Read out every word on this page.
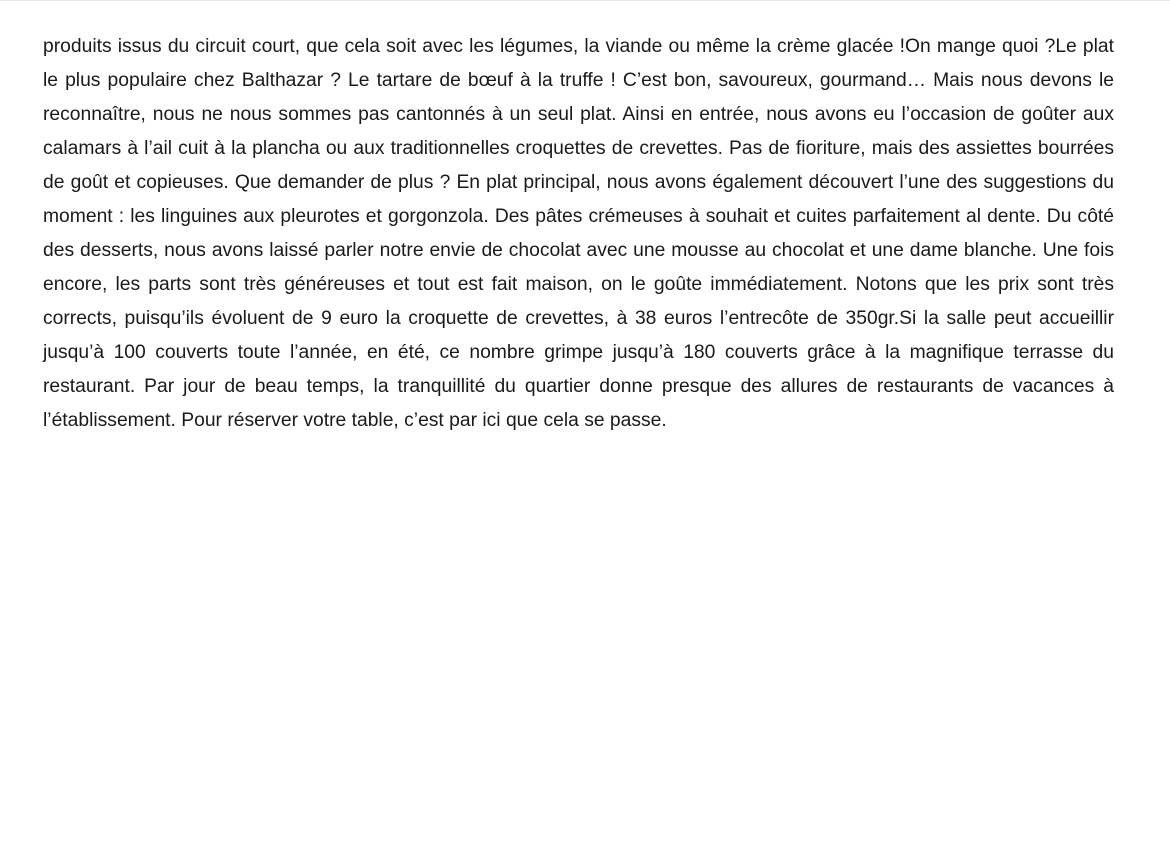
produits issus du circuit court, que cela soit avec les légumes, la viande ou même la crème glacée !On mange quoi ?Le plat le plus populaire chez Balthazar ? Le tartare de bœuf à la truffe ! C’est bon, savoureux, gourmand… Mais nous devons le reconnaître, nous ne nous sommes pas cantonnés à un seul plat. Ainsi en entrée, nous avons eu l’occasion de goûter aux calamars à l’ail cuit à la plancha ou aux traditionnelles croquettes de crevettes. Pas de fioriture, mais des assiettes bourrées de goût et copieuses. Que demander de plus ? En plat principal, nous avons également découvert l’une des suggestions du moment : les linguines aux pleurotes et gorgonzola. Des pâtes crémeuses à souhait et cuites parfaitement al dente. Du côté des desserts, nous avons laissé parler notre envie de chocolat avec une mousse au chocolat et une dame blanche. Une fois encore, les parts sont très généreuses et tout est fait maison, on le goûte immédiatement. Notons que les prix sont très corrects, puisqu’ils évoluent de 9 euro la croquette de crevettes, à 38 euros l’entrecôte de 350gr.Si la salle peut accueillir jusqu’à 100 couverts toute l’année, en été, ce nombre grimpe jusqu’à 180 couverts grâce à la magnifique terrasse du restaurant. Par jour de beau temps, la tranquillité du quartier donne presque des allures de restaurants de vacances à l’établissement. Pour réserver votre table, c’est par ici que cela se passe.
